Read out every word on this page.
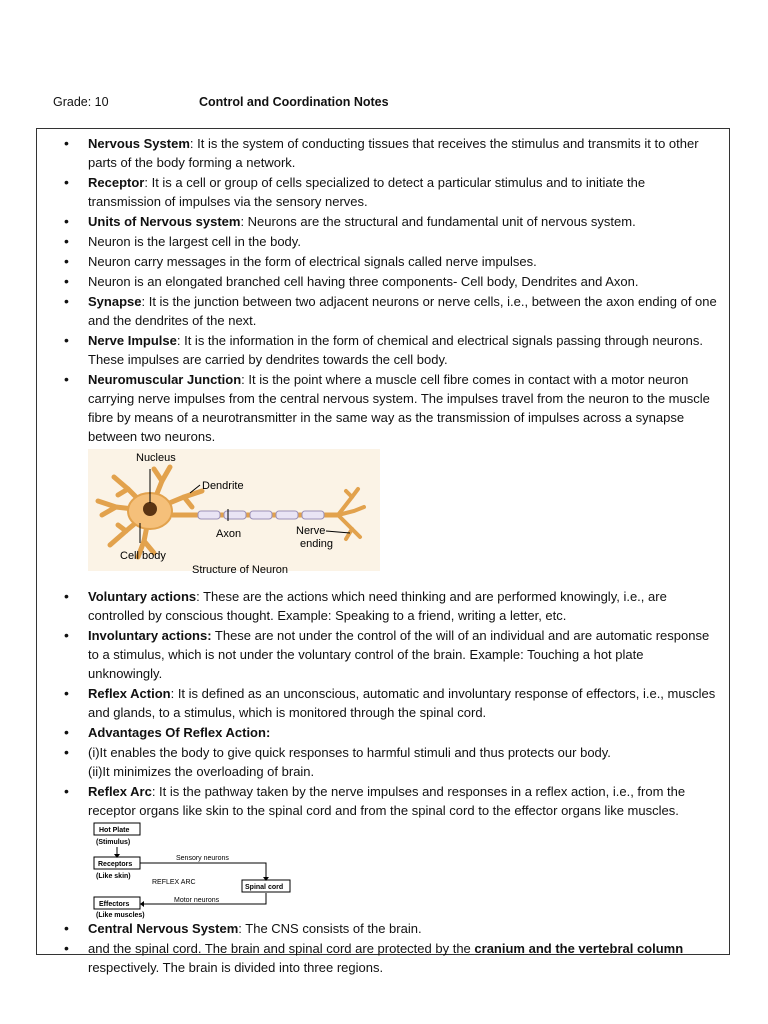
Grade: 10	Control and Coordination Notes
• Nervous System: It is the system of conducting tissues that receives the stimulus and transmits it to other parts of the body forming a network.
• Receptor: It is a cell or group of cells specialized to detect a particular stimulus and to initiate the transmission of impulses via the sensory nerves.
• Units of Nervous system: Neurons are the structural and fundamental unit of nervous system.
• Neuron is the largest cell in the body.
• Neuron carry messages in the form of electrical signals called nerve impulses.
• Neuron is an elongated branched cell having three components- Cell body, Dendrites and Axon.
• Synapse: It is the junction between two adjacent neurons or nerve cells, i.e., between the axon ending of one and the dendrites of the next.
• Nerve Impulse: It is the information in the form of chemical and electrical signals passing through neurons. These impulses are carried by dendrites towards the cell body.
• Neuromuscular Junction: It is the point where a muscle cell fibre comes in contact with a motor neuron carrying nerve impulses from the central nervous system. The impulses travel from the neuron to the muscle fibre by means of a neurotransmitter in the same way as the transmission of impulses across a synapse between two neurons.
Nucleus
Dendrite
Axon	Nerve
ending
Cell body
Structure of Neuron
• Voluntary actions: These are the actions which need thinking and are performed knowingly, i.e., are controlled by conscious thought. Example: Speaking to a friend, writing a letter, etc.
• Involuntary actions: These are not under the control of the will of an individual and are automatic response to a stimulus, which is not under the voluntary control of the brain. Example: Touching a hot plate unknowingly.
• Reflex Action: It is defined as an unconscious, automatic and involuntary response of effectors, i.e., muscles and glands, to a stimulus, which is monitored through the spinal cord.
• Advantages Of Reflex Action:
• (i)It enables the body to give quick responses to harmful stimuli and thus protects our body.
(ii)It minimizes the overloading of brain.
• Reflex Arc: It is the pathway taken by the nerve impulses and responses in a reflex action, i.e., from the receptor organs like skin to the spinal cord and from the spinal cord to the effector organs like muscles.
Hot Plate
(Stimulus)
Receptors
(Like skin)
Spinal cord
Effectors
Sensory neurons
REFLEX ARC
Motor neurons
(Like muscles)
• Central Nervous System: The CNS consists of the brain.
• and the spinal cord. The brain and spinal cord are protected by the cranium and the vertebral column respectively. The brain is divided into three regions.
